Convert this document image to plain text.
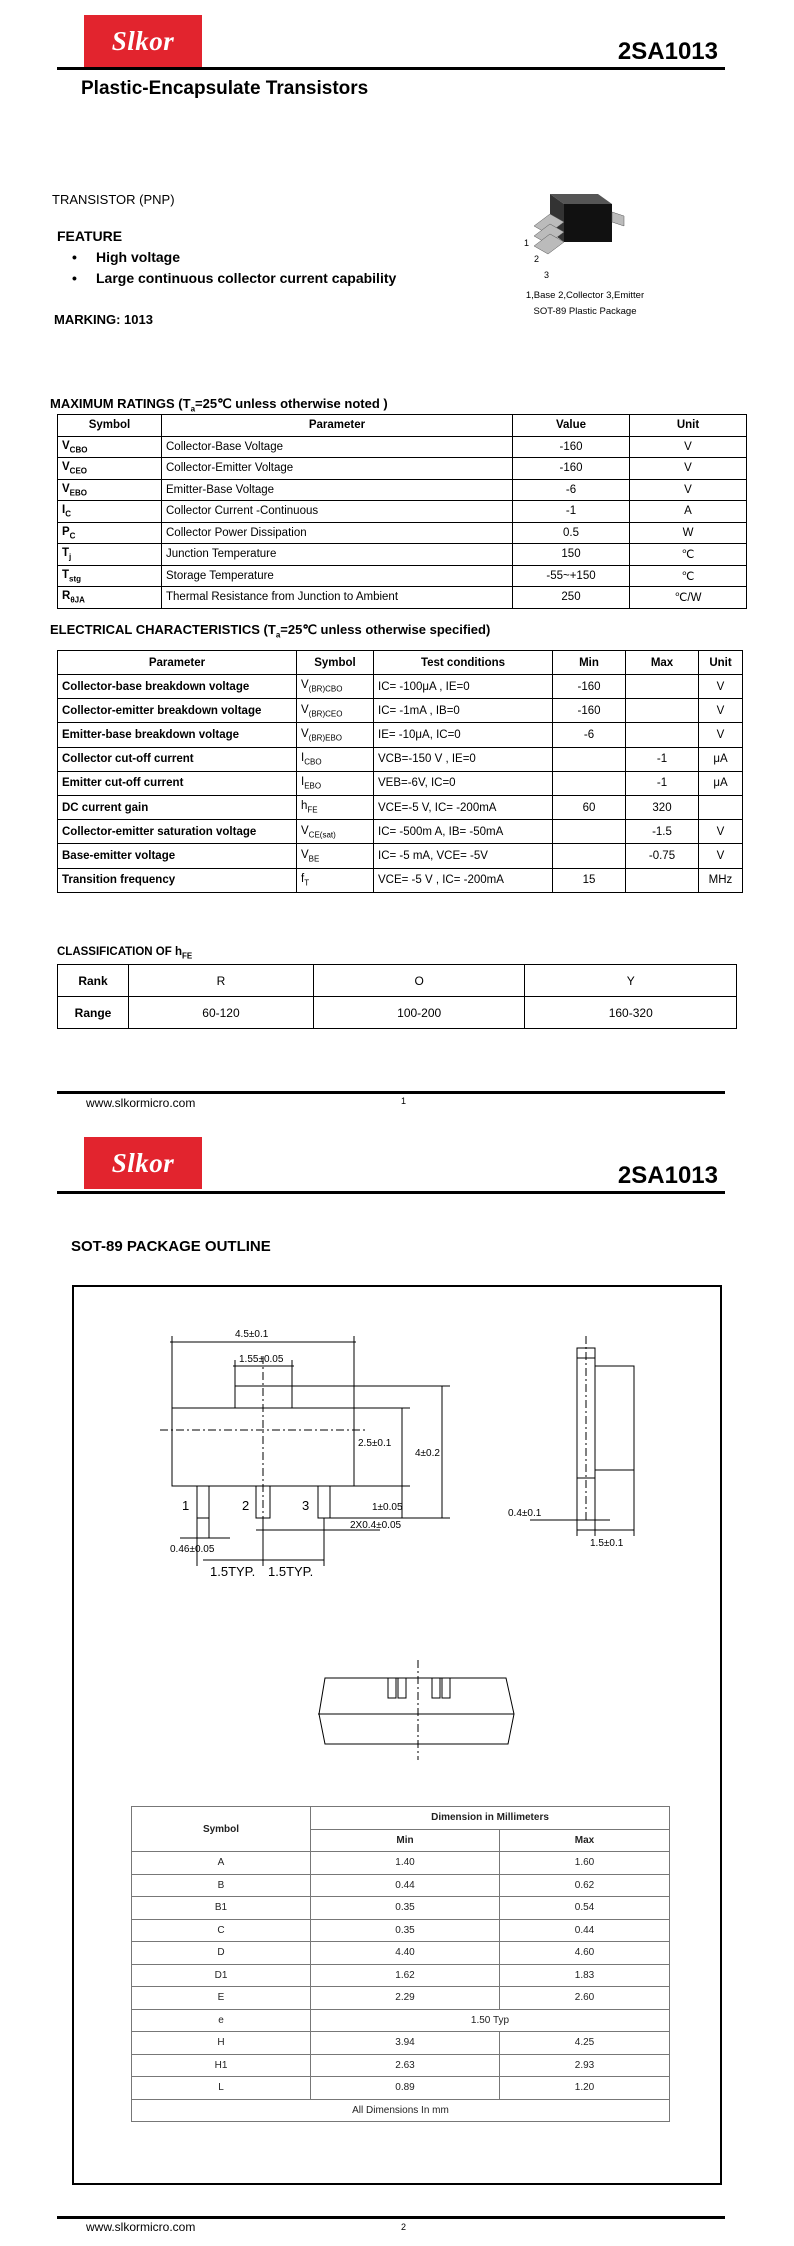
Slkor	2SA1013
Plastic-Encapsulate Transistors
TRANSISTOR (PNP)
FEATURE
• High voltage
• Large continuous collector current capability
MARKING: 1013
1
2
3
1,Base 2,Collector 3,Emitter
SOT-89 Plastic Package
MAXIMUM RATINGS ($T_a=25℃$ unless otherwise noted )
Symbol	Parameter	Value	Unit
$V_{CBO}$	Collector-Base Voltage	-160	V
$V_{CEO}$	Collector-Emitter Voltage	-160	V
$V_{EBO}$	Emitter-Base Voltage	-6	V
$I_C$	Collector Current -Continuous	-1	A
$P_C$	Collector Power Dissipation	0.5	W
$T_j$	Junction Temperature	150	℃
$T_{stg}$	Storage Temperature	-55~+150	℃
$R_{\theta JA}$	Thermal Resistance from Junction to Ambient	250	℃/W
ELECTRICAL CHARACTERISTICS ($T_a=25℃$ unless otherwise specified)
Parameter	Symbol	Test conditions	Min	Max	Unit
Collector-base breakdown voltage	$V_{(BR)CBO}$	IC= -100μA , IE=0	-160		V
Collector-emitter breakdown voltage	$V_{(BR)CEO}$	IC= -1mA , IB=0	-160		V
Emitter-base breakdown voltage	$V_{(BR)EBO}$	IE= -10μA, IC=0	-6		V
Collector cut-off current	$I_{CBO}$	VCB=-150 V , IE=0		-1	μA
Emitter cut-off current	$I_{EBO}$	VEB=-6V, IC=0		-1	μA
DC current gain	$h_{FE}$	VCE=-5 V, IC= -200mA	60	320	
Collector-emitter saturation voltage	$V_{CE(sat)}$	IC= -500m A, IB= -50mA		-1.5	V
Base-emitter voltage	$V_{BE}$	IC= -5 mA, VCE= -5V		-0.75	V
Transition frequency	$f_T$	VCE= -5 V , IC= -200mA	15		MHz
CLASSIFICATION OF $h_{FE}$
Rank	R	O	Y
Range	60-120	100-200	160-320
www.slkormicro.com	1
Slkor	2SA1013
SOT-89 PACKAGE OUTLINE
4.5±0.1
1.55±0.05
2.5±0.1
4±0.2
1±0.05
0.46±0.05
2X0.4±0.05
1.5TYP. 1.5TYP.
0.4±0.1
1.5±0.1
1	2	3
Symbol	Dimension in Millimeters	
	Min	Max
A	1.40	1.60
B	0.44	0.62
B1	0.35	0.54
C	0.35	0.44
D	4.40	4.60
D1	1.62	1.83
E	2.29	2.60
e	1.50 Typ	
H	3.94	4.25
H1	2.63	2.93
L	0.89	1.20
All Dimensions In mm		
www.slkormicro.com	2
